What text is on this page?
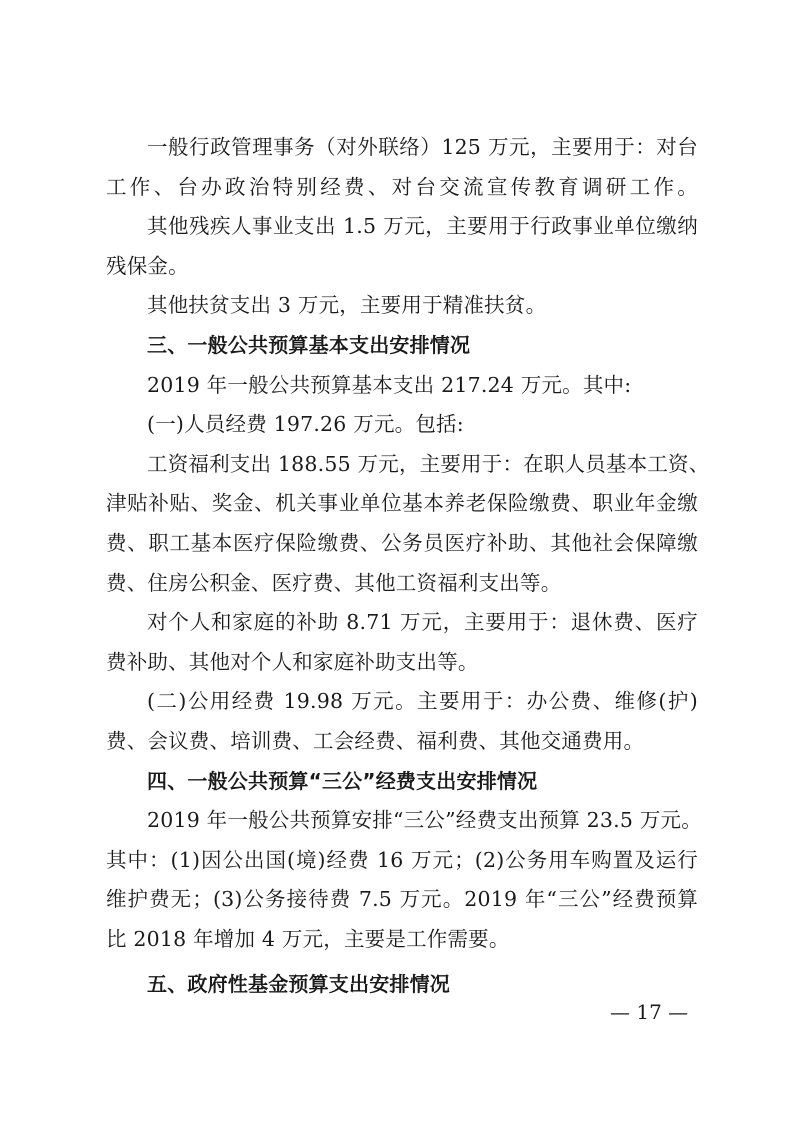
一般行政管理事务（对外联络）125 万元，主要用于：对台
工作、台办政治特别经费、对台交流宣传教育调研工作。
其他残疾人事业支出 1.5 万元，主要用于行政事业单位缴纳
残保金。
其他扶贫支出 3 万元，主要用于精准扶贫。
三、一般公共预算基本支出安排情况
2019 年一般公共预算基本支出 217.24 万元。其中:
(一)人员经费 197.26 万元。包括:
工资福利支出 188.55 万元，主要用于：在职人员基本工资、
津贴补贴、奖金、机关事业单位基本养老保险缴费、职业年金缴
费、职工基本医疗保险缴费、公务员医疗补助、其他社会保障缴
费、住房公积金、医疗费、其他工资福利支出等。
对个人和家庭的补助 8.71 万元，主要用于：退休费、医疗
费补助、其他对个人和家庭补助支出等。
(二)公用经费 19.98 万元。主要用于：办公费、维修(护)
费、会议费、培训费、工会经费、福利费、其他交通费用。
四、一般公共预算“三公”经费支出安排情况
2019 年一般公共预算安排“三公”经费支出预算 23.5 万元。
其中：(1)因公出国(境)经费 16 万元；(2)公务用车购置及运行
维护费无；(3)公务接待费 7.5 万元。2019 年“三公”经费预算
比 2018 年增加 4 万元，主要是工作需要。
五、政府性基金预算支出安排情况
— 17 —
